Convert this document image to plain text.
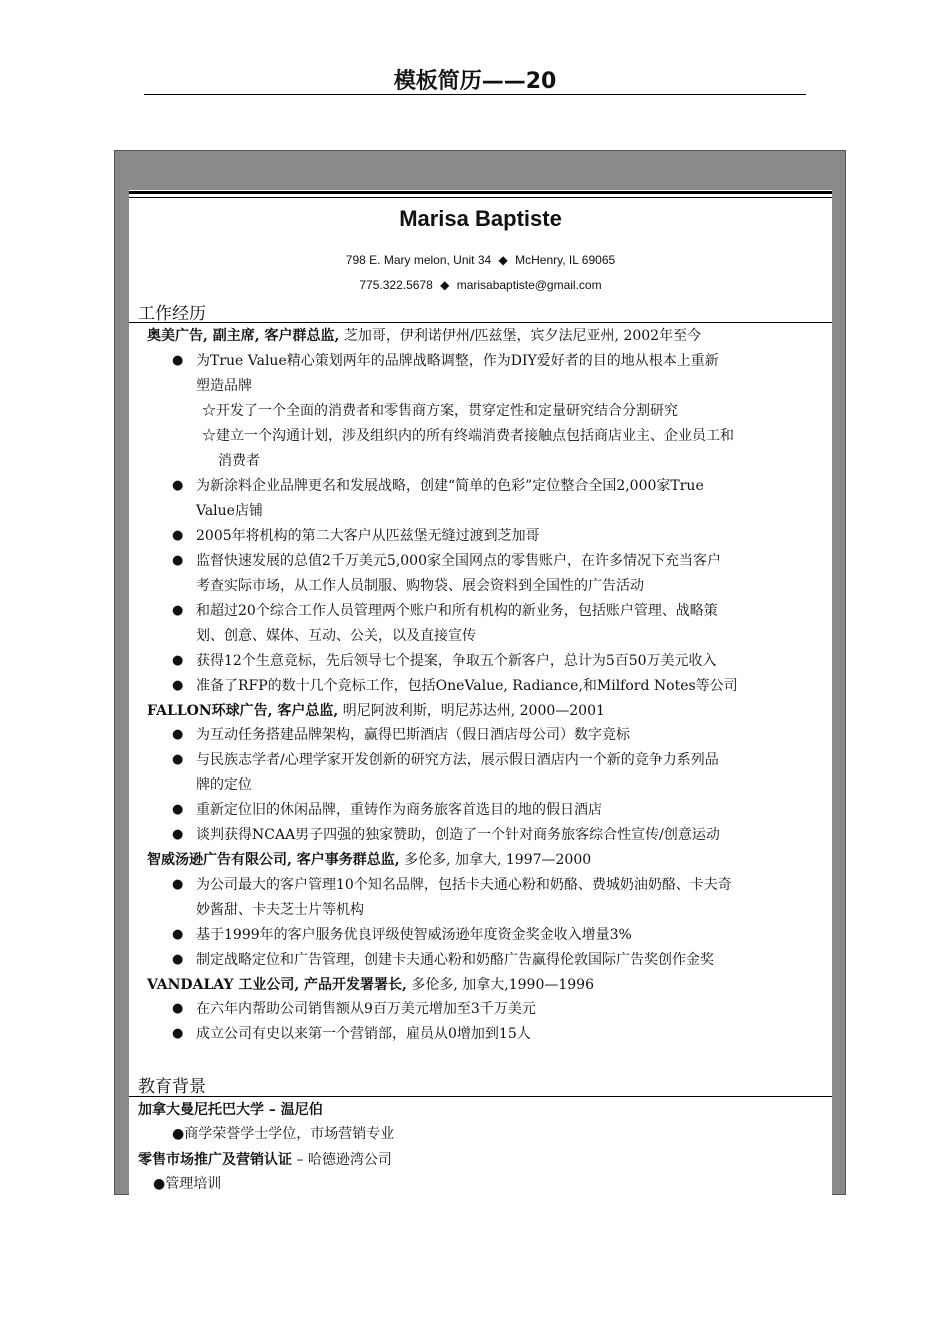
模板简历——20
Marisa Baptiste
798 E. Mary melon, Unit 34 ◆ McHenry, IL 69065
775.322.5678 ◆ marisabaptiste@gmail.com
工作经历
奥美广告, 副主席, 客户群总监, 芝加哥，伊利诺伊州/匹兹堡，宾夕法尼亚州, 2002年至今
● 为True Value精心策划两年的品牌战略调整，作为DIY爱好者的目的地从根本上重新
塑造品牌
☆开发了一个全面的消费者和零售商方案，贯穿定性和定量研究结合分割研究
☆建立一个沟通计划，涉及组织内的所有终端消费者接触点包括商店业主、企业员工和
消费者
● 为新涂料企业品牌更名和发展战略，创建“简单的色彩”定位整合全国2,000家True
Value店铺
● 2005年将机构的第二大客户从匹兹堡无缝过渡到芝加哥
● 监督快速发展的总值2千万美元5,000家全国网点的零售账户，在许多情况下充当客户
考查实际市场，从工作人员制服、购物袋、展会资料到全国性的广告活动
● 和超过20个综合工作人员管理两个账户和所有机构的新业务，包括账户管理、战略策
划、创意、媒体、互动、公关，以及直接宣传
● 获得12个生意竞标，先后领导七个提案，争取五个新客户，总计为5百50万美元收入
● 准备了RFP的数十几个竞标工作，包括OneValue, Radiance,和Milford Notes等公司
FALLON环球广告, 客户总监, 明尼阿波利斯，明尼苏达州, 2000—2001
● 为互动任务搭建品牌架构，赢得巴斯酒店（假日酒店母公司）数字竞标
● 与民族志学者/心理学家开发创新的研究方法，展示假日酒店内一个新的竞争力系列品
牌的定位
● 重新定位旧的休闲品牌，重铸作为商务旅客首选目的地的假日酒店
● 谈判获得NCAA男子四强的独家赞助，创造了一个针对商务旅客综合性宣传/创意运动
智威汤逊广告有限公司, 客户事务群总监, 多伦多, 加拿大, 1997—2000
● 为公司最大的客户管理10个知名品牌，包括卡夫通心粉和奶酪、费城奶油奶酪、卡夫奇
妙酱甜、卡夫芝士片等机构
● 基于1999年的客户服务优良评级使智威汤逊年度资金奖金收入增量3%
● 制定战略定位和广告管理，创建卡夫通心粉和奶酪广告赢得伦敦国际广告奖创作金奖
VANDALAY 工业公司, 产品开发署署长, 多伦多, 加拿大,1990—1996
● 在六年内帮助公司销售额从9百万美元增加至3千万美元
● 成立公司有史以来第一个营销部，雇员从0增加到15人
教育背景
加拿大曼尼托巴大学 – 温尼伯
●商学荣誉学士学位，市场营销专业
零售市场推广及营销认证 – 哈德逊湾公司
●管理培训
